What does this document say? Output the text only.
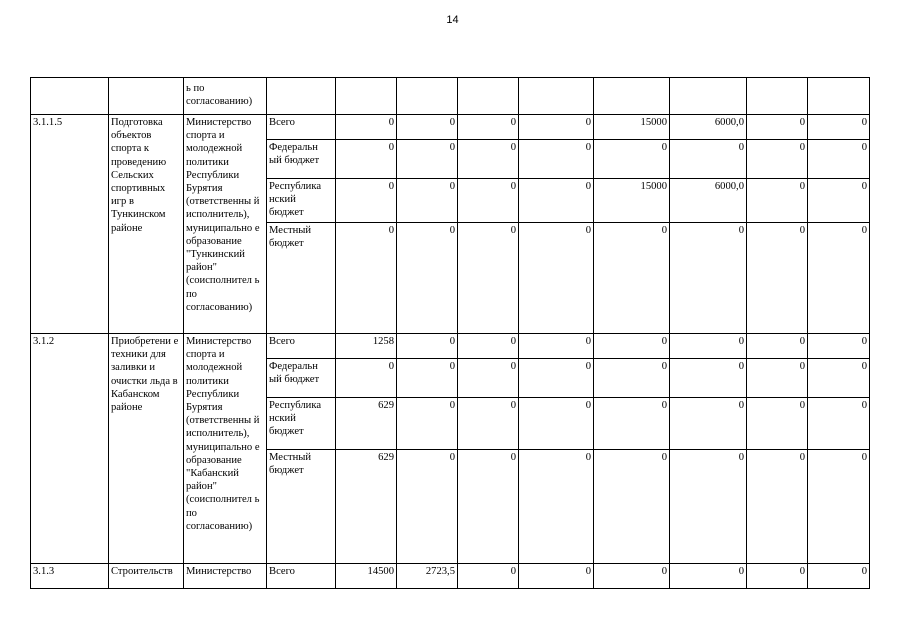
14
		ь по согласованию)									
3.1.1.5	Подготовка объектов спорта к проведению Сельских спортивных игр в Тункинском районе	Министерство спорта и молодежной политики Республики Бурятия (ответственны й исполнитель), муниципально е образование "Тункинский район" (соисполнител ь по согласованию)	Всего	0	0	0	0	15000	6000,0	0	0
			Федеральн ый бюджет	0	0	0	0	0	0	0	0
			Республика нский бюджет	0	0	0	0	15000	6000,0	0	0
			Местный бюджет	0	0	0	0	0	0	0	0
3.1.2	Приобретени е техники для заливки и очистки льда в Кабанском районе	Министерство спорта и молодежной политики Республики Бурятия (ответственны й исполнитель), муниципально е образование "Кабанский район" (соисполнител ь по согласованию)	Всего	1258	0	0	0	0	0	0	0
			Федеральн ый бюджет	0	0	0	0	0	0	0	0
			Республика нский бюджет	629	0	0	0	0	0	0	0
			Местный бюджет	629	0	0	0	0	0	0	0
3.1.3	Строительств	Министерство	Всего	14500	2723,5	0	0	0	0	0	0
